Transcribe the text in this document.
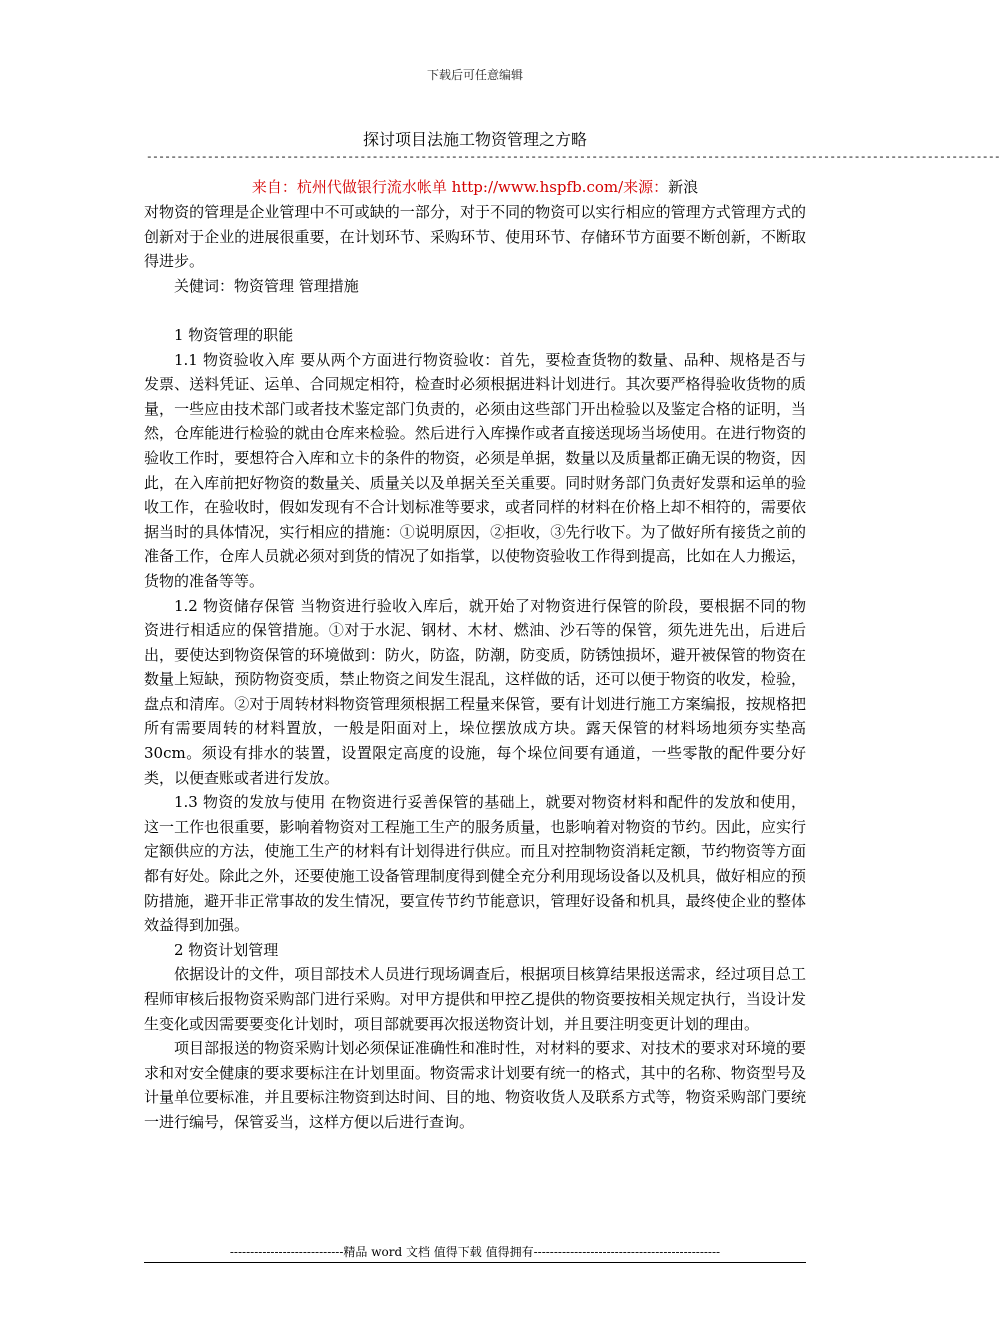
下载后可任意编辑
探讨项目法施工物资管理之方略
--------------------------------------------------------------------------------------------------------------------------------------------
来自：杭州代做银行流水帐单 http://www.hspfb.com/来源：新浪

对物资的管理是企业管理中不可或缺的一部分，对于不同的物资可以实行相应的管理方式管理方式的创新对于企业的进展很重要，在计划环节、采购环节、使用环节、存储环节方面要不断创新，不断取得进步。

关健词：物资管理 管理措施

1 物资管理的职能

1.1 物资验收入库 要从两个方面进行物资验收：首先，要检查货物的数量、品种、规格是否与发票、送料凭证、运单、合同规定相符，检查时必须根据进料计划进行。其次要严格得验收货物的质量，一些应由技术部门或者技术鉴定部门负责的，必须由这些部门开出检验以及鉴定合格的证明，当然，仓库能进行检验的就由仓库来检验。然后进行入库操作或者直接送现场当场使用。在进行物资的验收工作时，要想符合入库和立卡的条件的物资，必须是单据，数量以及质量都正确无误的物资，因此，在入库前把好物资的数量关、质量关以及单据关至关重要。同时财务部门负责好发票和运单的验收工作，在验收时，假如发现有不合计划标准等要求，或者同样的材料在价格上却不相符的，需要依据当时的具体情况，实行相应的措施：①说明原因，②拒收，③先行收下。为了做好所有接货之前的准备工作，仓库人员就必须对到货的情况了如指掌，以使物资验收工作得到提高，比如在人力搬运，货物的准备等等。

1.2 物资储存保管 当物资进行验收入库后，就开始了对物资进行保管的阶段，要根据不同的物资进行相适应的保管措施。①对于水泥、钢材、木材、燃油、沙石等的保管，须先进先出，后进后出，要使达到物资保管的环境做到：防火，防盗，防潮，防变质，防锈蚀损坏，避开被保管的物资在数量上短缺，预防物资变质，禁止物资之间发生混乱，这样做的话，还可以便于物资的收发，检验，盘点和清库。②对于周转材料物资管理须根据工程量来保管，要有计划进行施工方案编报，按规格把所有需要周转的材料置放，一般是阳面对上，垛位摆放成方块。露天保管的材料场地须夯实垫高 30cm。须设有排水的装置，设置限定高度的设施，每个垛位间要有通道，一些零散的配件要分好类，以便查账或者进行发放。

1.3 物资的发放与使用 在物资进行妥善保管的基础上，就要对物资材料和配件的发放和使用，这一工作也很重要，影响着物资对工程施工生产的服务质量，也影响着对物资的节约。因此，应实行定额供应的方法，使施工生产的材料有计划得进行供应。而且对控制物资消耗定额，节约物资等方面都有好处。除此之外，还要使施工设备管理制度得到健全充分利用现场设备以及机具，做好相应的预防措施，避开非正常事故的发生情况，要宣传节约节能意识，管理好设备和机具，最终使企业的整体效益得到加强。

2 物资计划管理

依据设计的文件，项目部技术人员进行现场调查后，根据项目核算结果报送需求，经过项目总工程师审核后报物资采购部门进行采购。对甲方提供和甲控乙提供的物资要按相关规定执行，当设计发生变化或因需要要变化计划时，项目部就要再次报送物资计划，并且要注明变更计划的理由。

项目部报送的物资采购计划必须保证准确性和准时性，对材料的要求、对技术的要求对环境的要求和对安全健康的要求要标注在计划里面。物资需求计划要有统一的格式，其中的名称、物资型号及计量单位要标准，并且要标注物资到达时间、目的地、物资收货人及联系方式等，物资采购部门要统一进行编号，保管妥当，这样方便以后进行查询。

----------------------------精品 word 文档 值得下载 值得拥有----------------------------------------------
